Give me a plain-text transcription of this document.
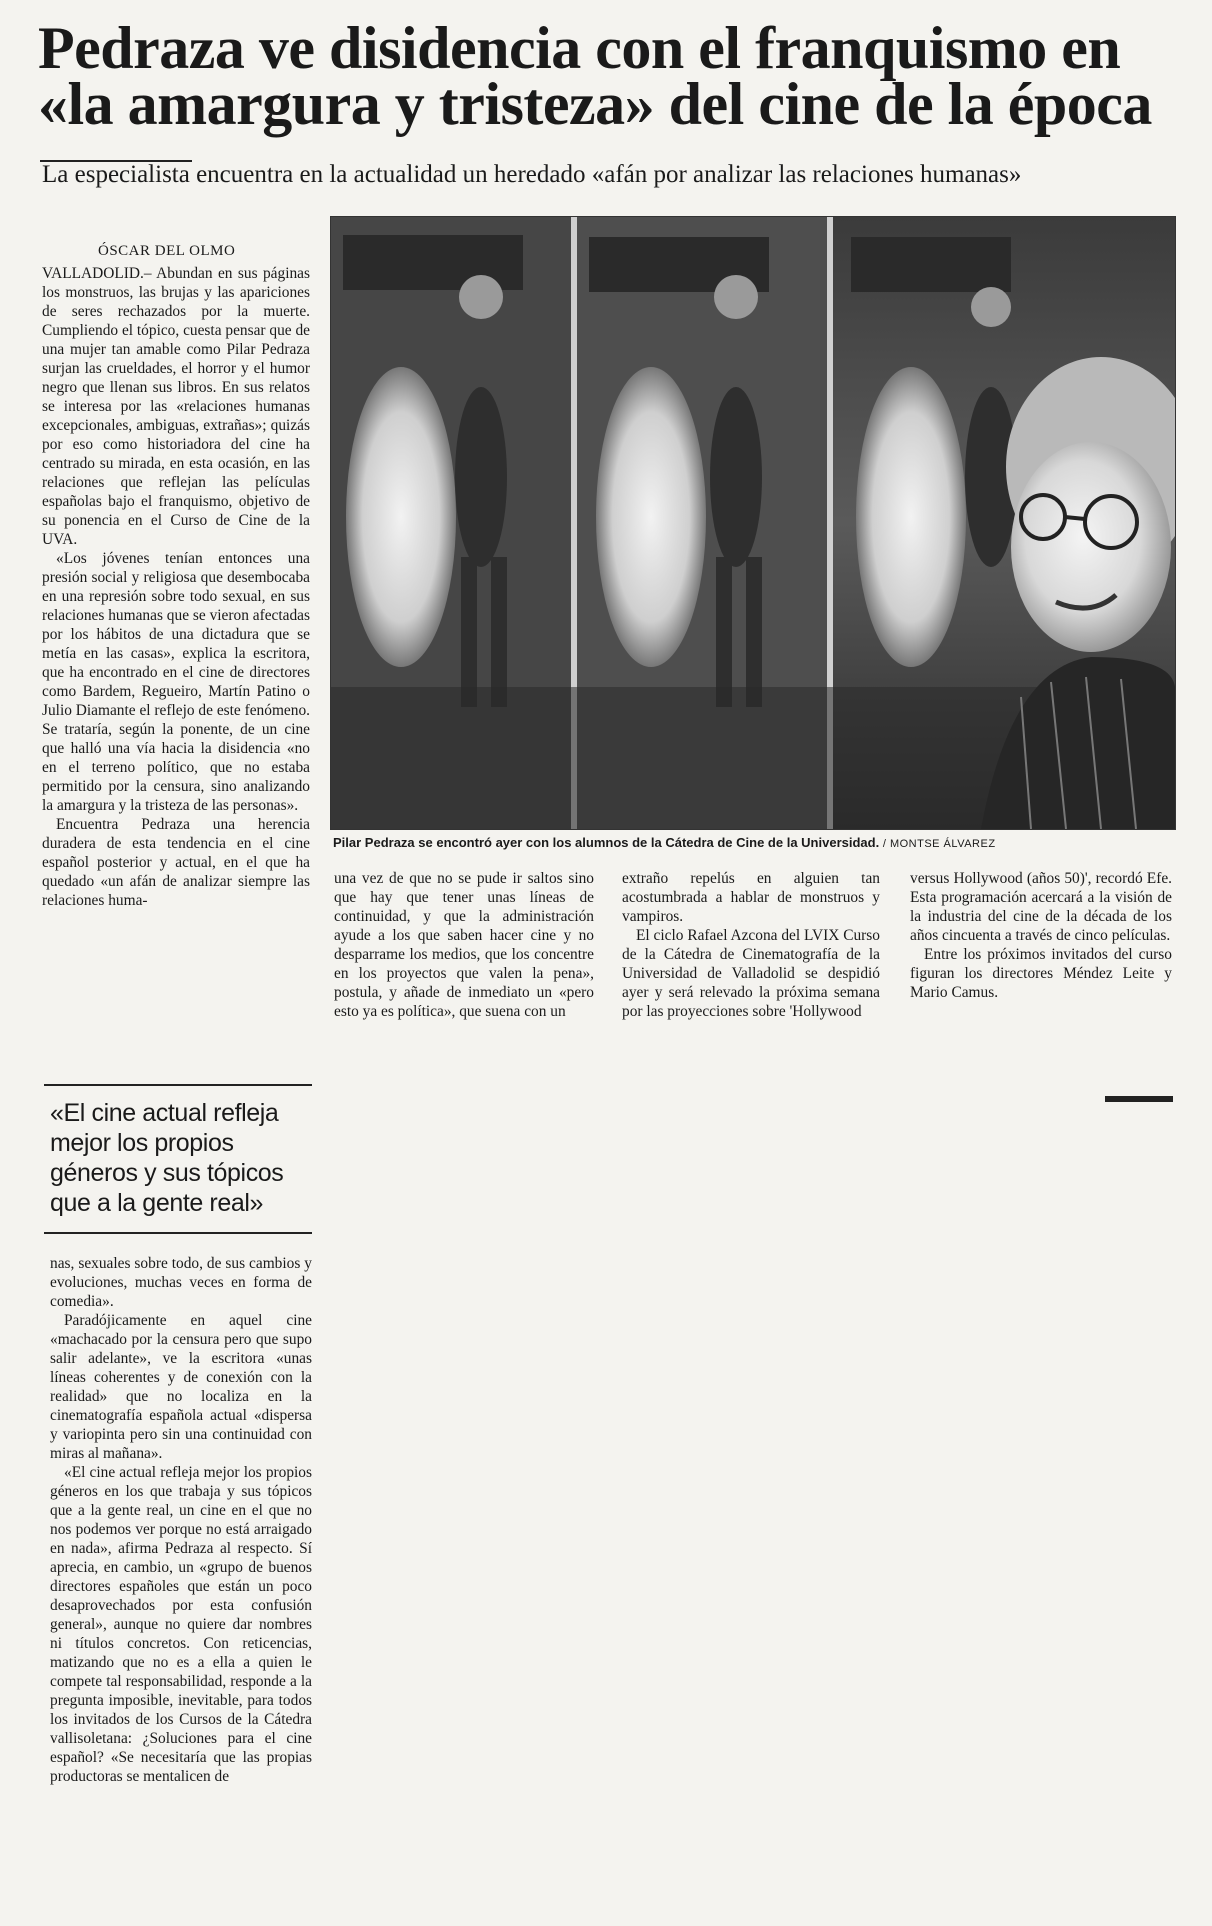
Pedraza ve disidencia con el franquismo en
«la amargura y tristeza» del cine de la época
La especialista encuentra en la actualidad un heredado «afán por analizar las relaciones humanas»
ÓSCAR DEL OLMO

VALLADOLID.– Abundan en sus páginas los monstruos, las brujas y las apariciones de seres rechazados por la muerte. Cumpliendo el tópico, cuesta pensar que de una mujer tan amable como Pilar Pedraza surjan las crueldades, el horror y el humor negro que llenan sus libros. En sus relatos se interesa por las «relaciones humanas excepcionales, ambiguas, extrañas»; quizás por eso como historiadora del cine ha centrado su mirada, en esta ocasión, en las relaciones que reflejan las películas españolas bajo el franquismo, objetivo de su ponencia en el Curso de Cine de la UVA.

«Los jóvenes tenían entonces una presión social y religiosa que desembocaba en una represión sobre todo sexual, en sus relaciones humanas que se vieron afectadas por los hábitos de una dictadura que se metía en las casas», explica la escritora, que ha encontrado en el cine de directores como Bardem, Regueiro, Martín Patino o Julio Diamante el reflejo de este fenómeno. Se trataría, según la ponente, de un cine que halló una vía hacia la disidencia «no en el terreno político, que no estaba permitido por la censura, sino analizando la amargura y la tristeza de las personas».

Encuentra Pedraza una herencia duradera de esta tendencia en el cine español posterior y actual, en el que ha quedado «un afán de analizar siempre las relaciones huma-

«El cine actual refleja mejor los propios géneros y sus tópicos que a la gente real»

nas, sexuales sobre todo, de sus cambios y evoluciones, muchas veces en forma de comedia».

Paradójicamente en aquel cine «machacado por la censura pero que supo salir adelante», ve la escritora «unas líneas coherentes y de conexión con la realidad» que no localiza en la cinematografía española actual «dispersa y variopinta pero sin una continuidad con miras al mañana».

«El cine actual refleja mejor los propios géneros en los que trabaja y sus tópicos que a la gente real, un cine en el que no nos podemos ver porque no está arraigado en nada», afirma Pedraza al respecto. Sí aprecia, en cambio, un «grupo de buenos directores españoles que están un poco desaprovechados por esta confusión general», aunque no quiere dar nombres ni títulos concretos. Con reticencias, matizando que no es a ella a quien le compete tal responsabilidad, responde a la pregunta imposible, inevitable, para todos los invitados de los Cursos de la Cátedra vallisoletana: ¿Soluciones para el cine español? «Se necesitaría que las propias productoras se mentalicen de

Pilar Pedraza se encontró ayer con los alumnos de la Cátedra de Cine de la Universidad. / MONTSE ÁLVAREZ

una vez de que no se pude ir saltos sino que hay que tener unas líneas de continuidad, y que la administración ayude a los que saben hacer cine y no desparrame los medios, que los concentre en los proyectos que valen la pena», postula, y añade de inmediato un «pero esto ya es política», que suena con un

extraño repelús en alguien tan acostumbrada a hablar de monstruos y vampiros.

El ciclo Rafael Azcona del LVIX Curso de la Cátedra de Cinematografía de la Universidad de Valladolid se despidió ayer y será relevado la próxima semana por las proyecciones sobre 'Hollywood

versus Hollywood (años 50)', recordó Efe. Esta programación acercará a la visión de la industria del cine de la década de los años cincuenta a través de cinco películas.

Entre los próximos invitados del curso figuran los directores Méndez Leite y Mario Camus.
